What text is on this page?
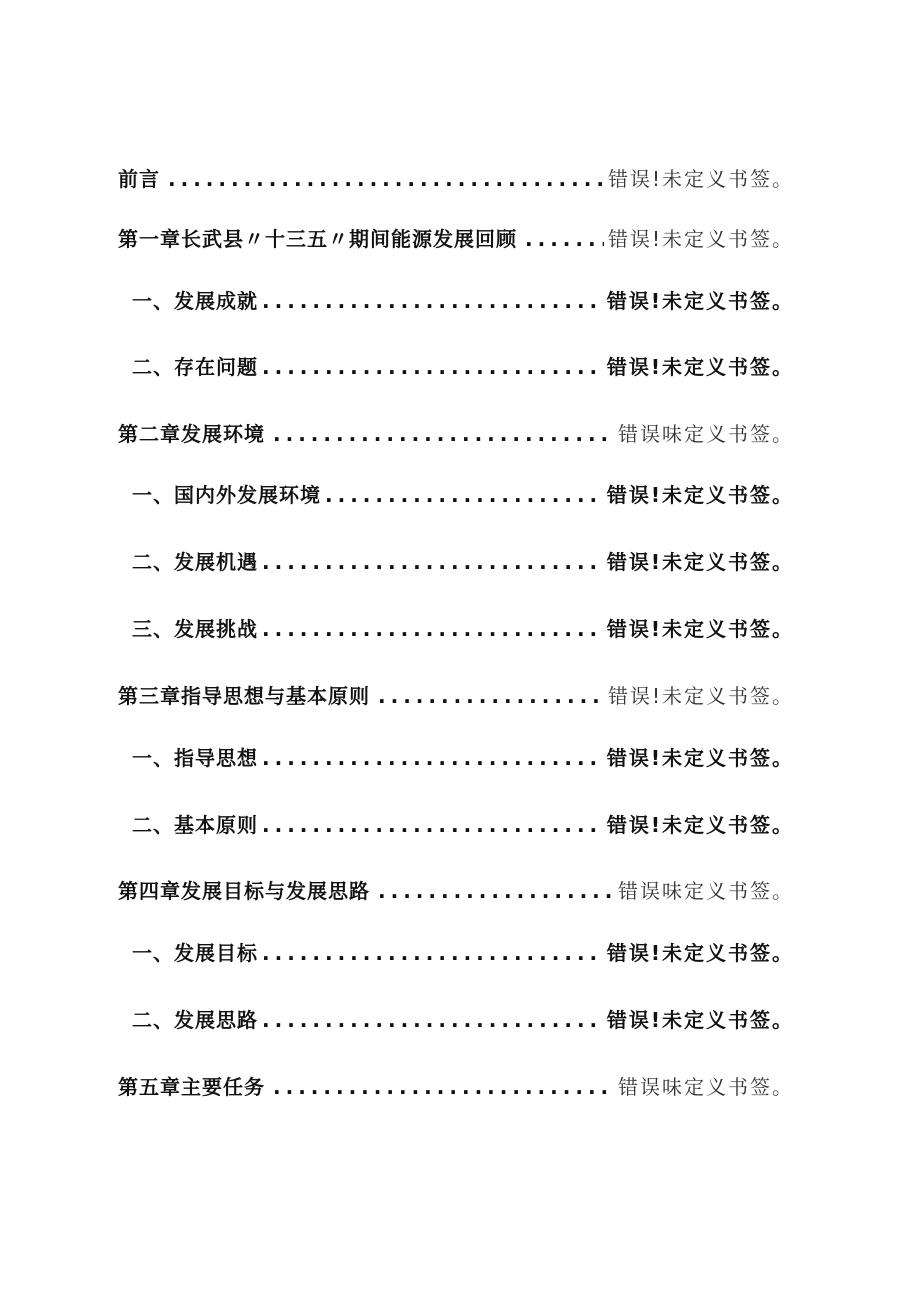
前言 .....	错误!未定义书签。
第一章长武县〃十三五〃期间能源发展回顾 .....	错误!未定义书签。
一、发展成就 .....	错误!未定义书签。
二、存在问题 .....	错误!未定义书签。
第二章发展环境 .....	错误味定义书签。
一、国内外发展环境 .....	错误!未定义书签。
二、发展机遇 .....	错误!未定义书签。
三、发展挑战 .....	错误!未定义书签。
第三章指导思想与基本原则 .....	错误!未定义书签。
一、指导思想 .....	错误!未定义书签。
二、基本原则 .....	错误!未定义书签。
第四章发展目标与发展思路 .....	错误味定义书签。
一、发展目标 .....	错误!未定义书签。
二、发展思路 .....	错误!未定义书签。
第五章主要任务 .....	错误味定义书签。
